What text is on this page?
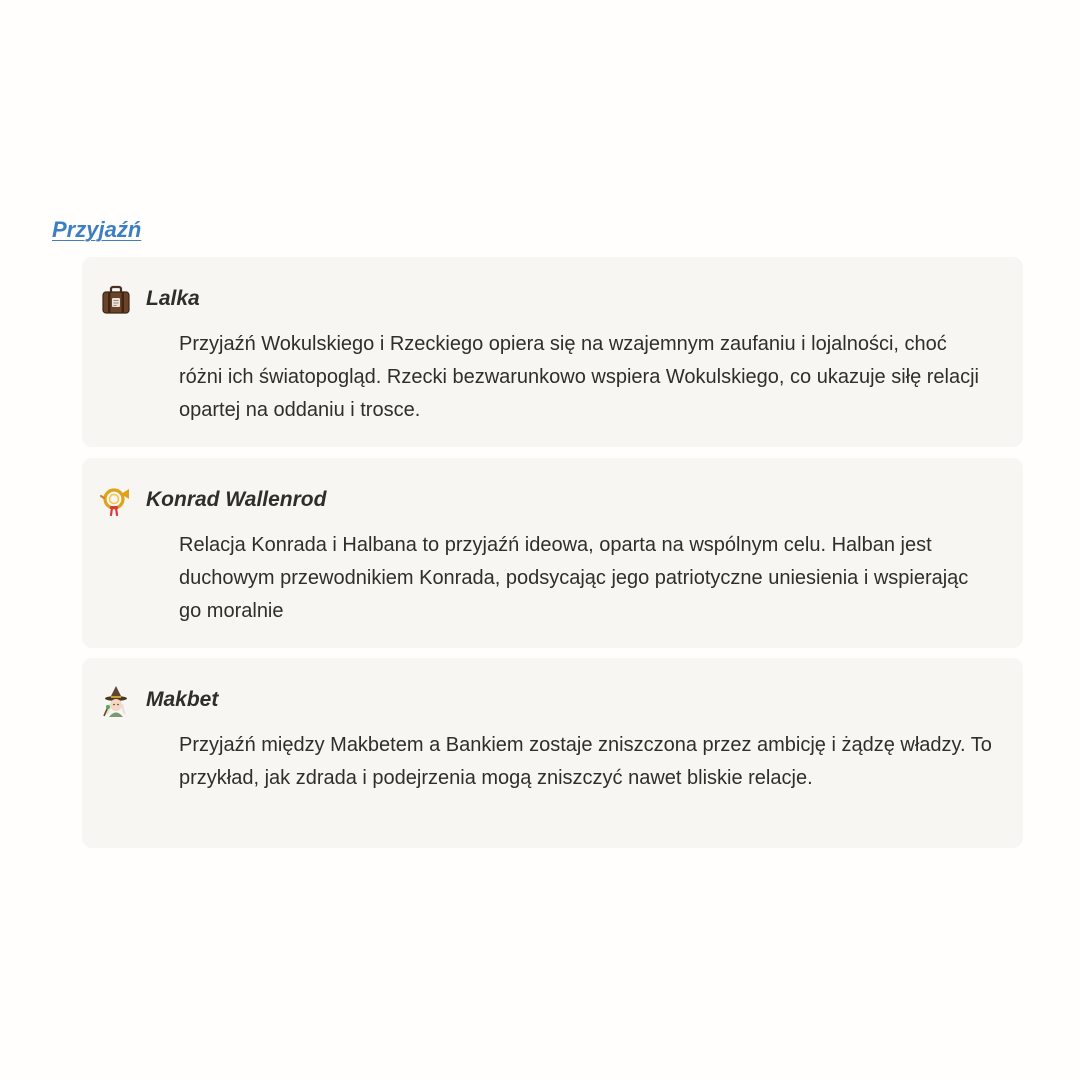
Przyjaźń
Lalka
Przyjaźń Wokulskiego i Rzeckiego opiera się na wzajemnym zaufaniu i lojalności, choć różni ich światopogląd. Rzecki bezwarunkowo wspiera Wokulskiego, co ukazuje siłę relacji opartej na oddaniu i trosce.
Konrad Wallenrod
Relacja Konrada i Halbana to przyjaźń ideowa, oparta na wspólnym celu. Halban jest duchowym przewodnikiem Konrada, podsycając jego patriotyczne uniesienia i wspierając go moralnie
Makbet
Przyjaźń między Makbetem a Bankiem zostaje zniszczona przez ambicję i żądzę władzy. To przykład, jak zdrada i podejrzenia mogą zniszczyć nawet bliskie relacje.
